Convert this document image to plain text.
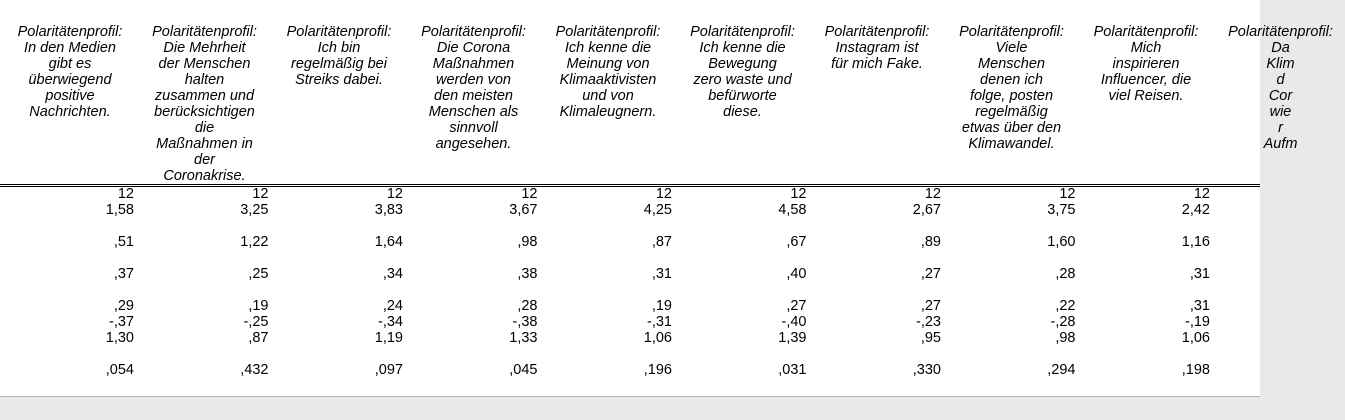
Polaritätenprofil:
In den Medien
gibt es
überwiegend
positive
Nachrichten.
Polaritätenprofil:
Die Mehrheit
der Menschen
halten
zusammen und
berücksichtigen
die
Maßnahmen in
der
Coronakrise.
Polaritätenprofil:
Ich bin
regelmäßig bei
Streiks dabei.
Polaritätenprofil:
Die Corona
Maßnahmen
werden von
den meisten
Menschen als
sinnvoll
angesehen.
Polaritätenprofil:
Ich kenne die
Meinung von
Klimaaktivisten
und von
Klimaleugnern.
Polaritätenprofil:
Ich kenne die
Bewegung
zero waste und
befürworte
diese.
Polaritätenprofil:
Instagram ist
für mich Fake.
Polaritätenprofil:
Viele
Menschen
denen ich
folge, posten
regelmäßig
etwas über den
Klimawandel.
Polaritätenprofil:
Mich
inspirieren
Influencer, die
viel Reisen.
Polaritätenprofil:
Da
Klim
d
Cor
wie
r
Aufm
12
1,58
,51
,37
,29
-,37
1,30
,054
12
3,25
1,22
,25
,19
-,25
,87
,432
12
3,83
1,64
,34
,24
-,34
1,19
,097
12
3,67
,98
,38
,28
-,38
1,33
,045
12
4,25
,87
,31
,19
-,31
1,06
,196
12
4,58
,67
,40
,27
-,40
1,39
,031
12
2,67
,89
,27
,27
-,23
,95
,330
12
3,75
1,60
,28
,22
-,28
,98
,294
12
2,42
1,16
,31
,31
-,19
1,06
,198
